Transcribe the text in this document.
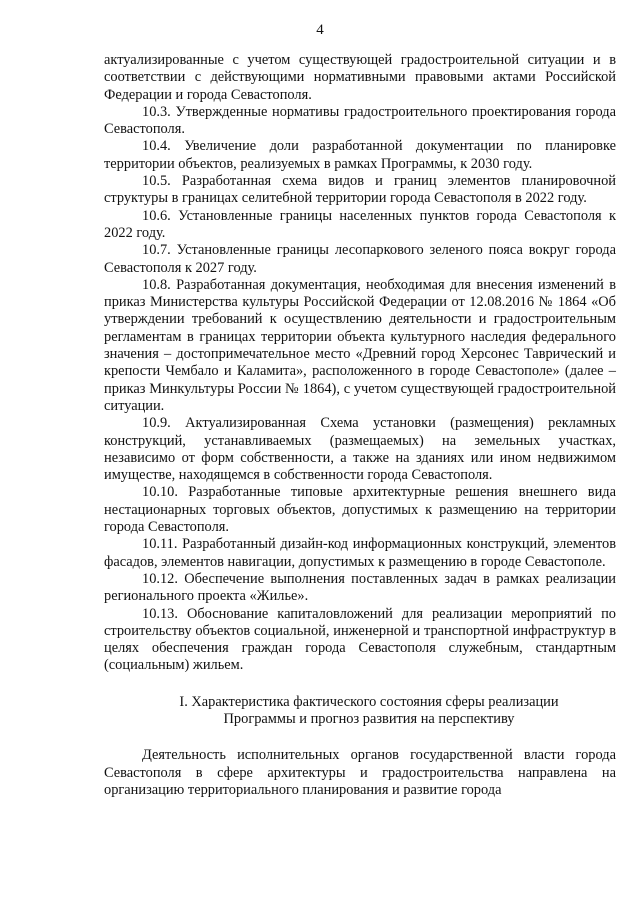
4

актуализированные с учетом существующей градостроительной ситуации и в соответствии с действующими нормативными правовыми актами Российской Федерации и города Севастополя.

10.3. Утвержденные нормативы градостроительного проектирования города Севастополя.

10.4. Увеличение доли разработанной документации по планировке территории объектов, реализуемых в рамках Программы, к 2030 году.

10.5. Разработанная схема видов и границ элементов планировочной структуры в границах селитебной территории города Севастополя в 2022 году.

10.6. Установленные границы населенных пунктов города Севастополя к 2022 году.

10.7. Установленные границы лесопаркового зеленого пояса вокруг города Севастополя к 2027 году.

10.8. Разработанная документация, необходимая для внесения изменений в приказ Министерства культуры Российской Федерации от 12.08.2016 № 1864 «Об утверждении требований к осуществлению деятельности и градостроительным регламентам в границах территории объекта культурного наследия федерального значения – достопримечательное место «Древний город Херсонес Таврический и крепости Чембало и Каламита», расположенного в городе Севастополе» (далее – приказ Минкультуры России № 1864), с учетом существующей градостроительной ситуации.

10.9. Актуализированная Схема установки (размещения) рекламных конструкций, устанавливаемых (размещаемых) на земельных участках, независимо от форм собственности, а также на зданиях или ином недвижимом имуществе, находящемся в собственности города Севастополя.

10.10. Разработанные типовые архитектурные решения внешнего вида нестационарных торговых объектов, допустимых к размещению на территории города Севастополя.

10.11. Разработанный дизайн-код информационных конструкций, элементов фасадов, элементов навигации, допустимых к размещению в городе Севастополе.

10.12. Обеспечение выполнения поставленных задач в рамках реализации регионального проекта «Жилье».

10.13. Обоснование капиталовложений для реализации мероприятий по строительству объектов социальной, инженерной и транспортной инфраструктур в целях обеспечения граждан города Севастополя служебным, стандартным (социальным) жильем.

I. Характеристика фактического состояния сферы реализации
Программы и прогноз развития на перспективу

Деятельность исполнительных органов государственной власти города Севастополя в сфере архитектуры и градостроительства направлена на организацию территориального планирования и развитие города
